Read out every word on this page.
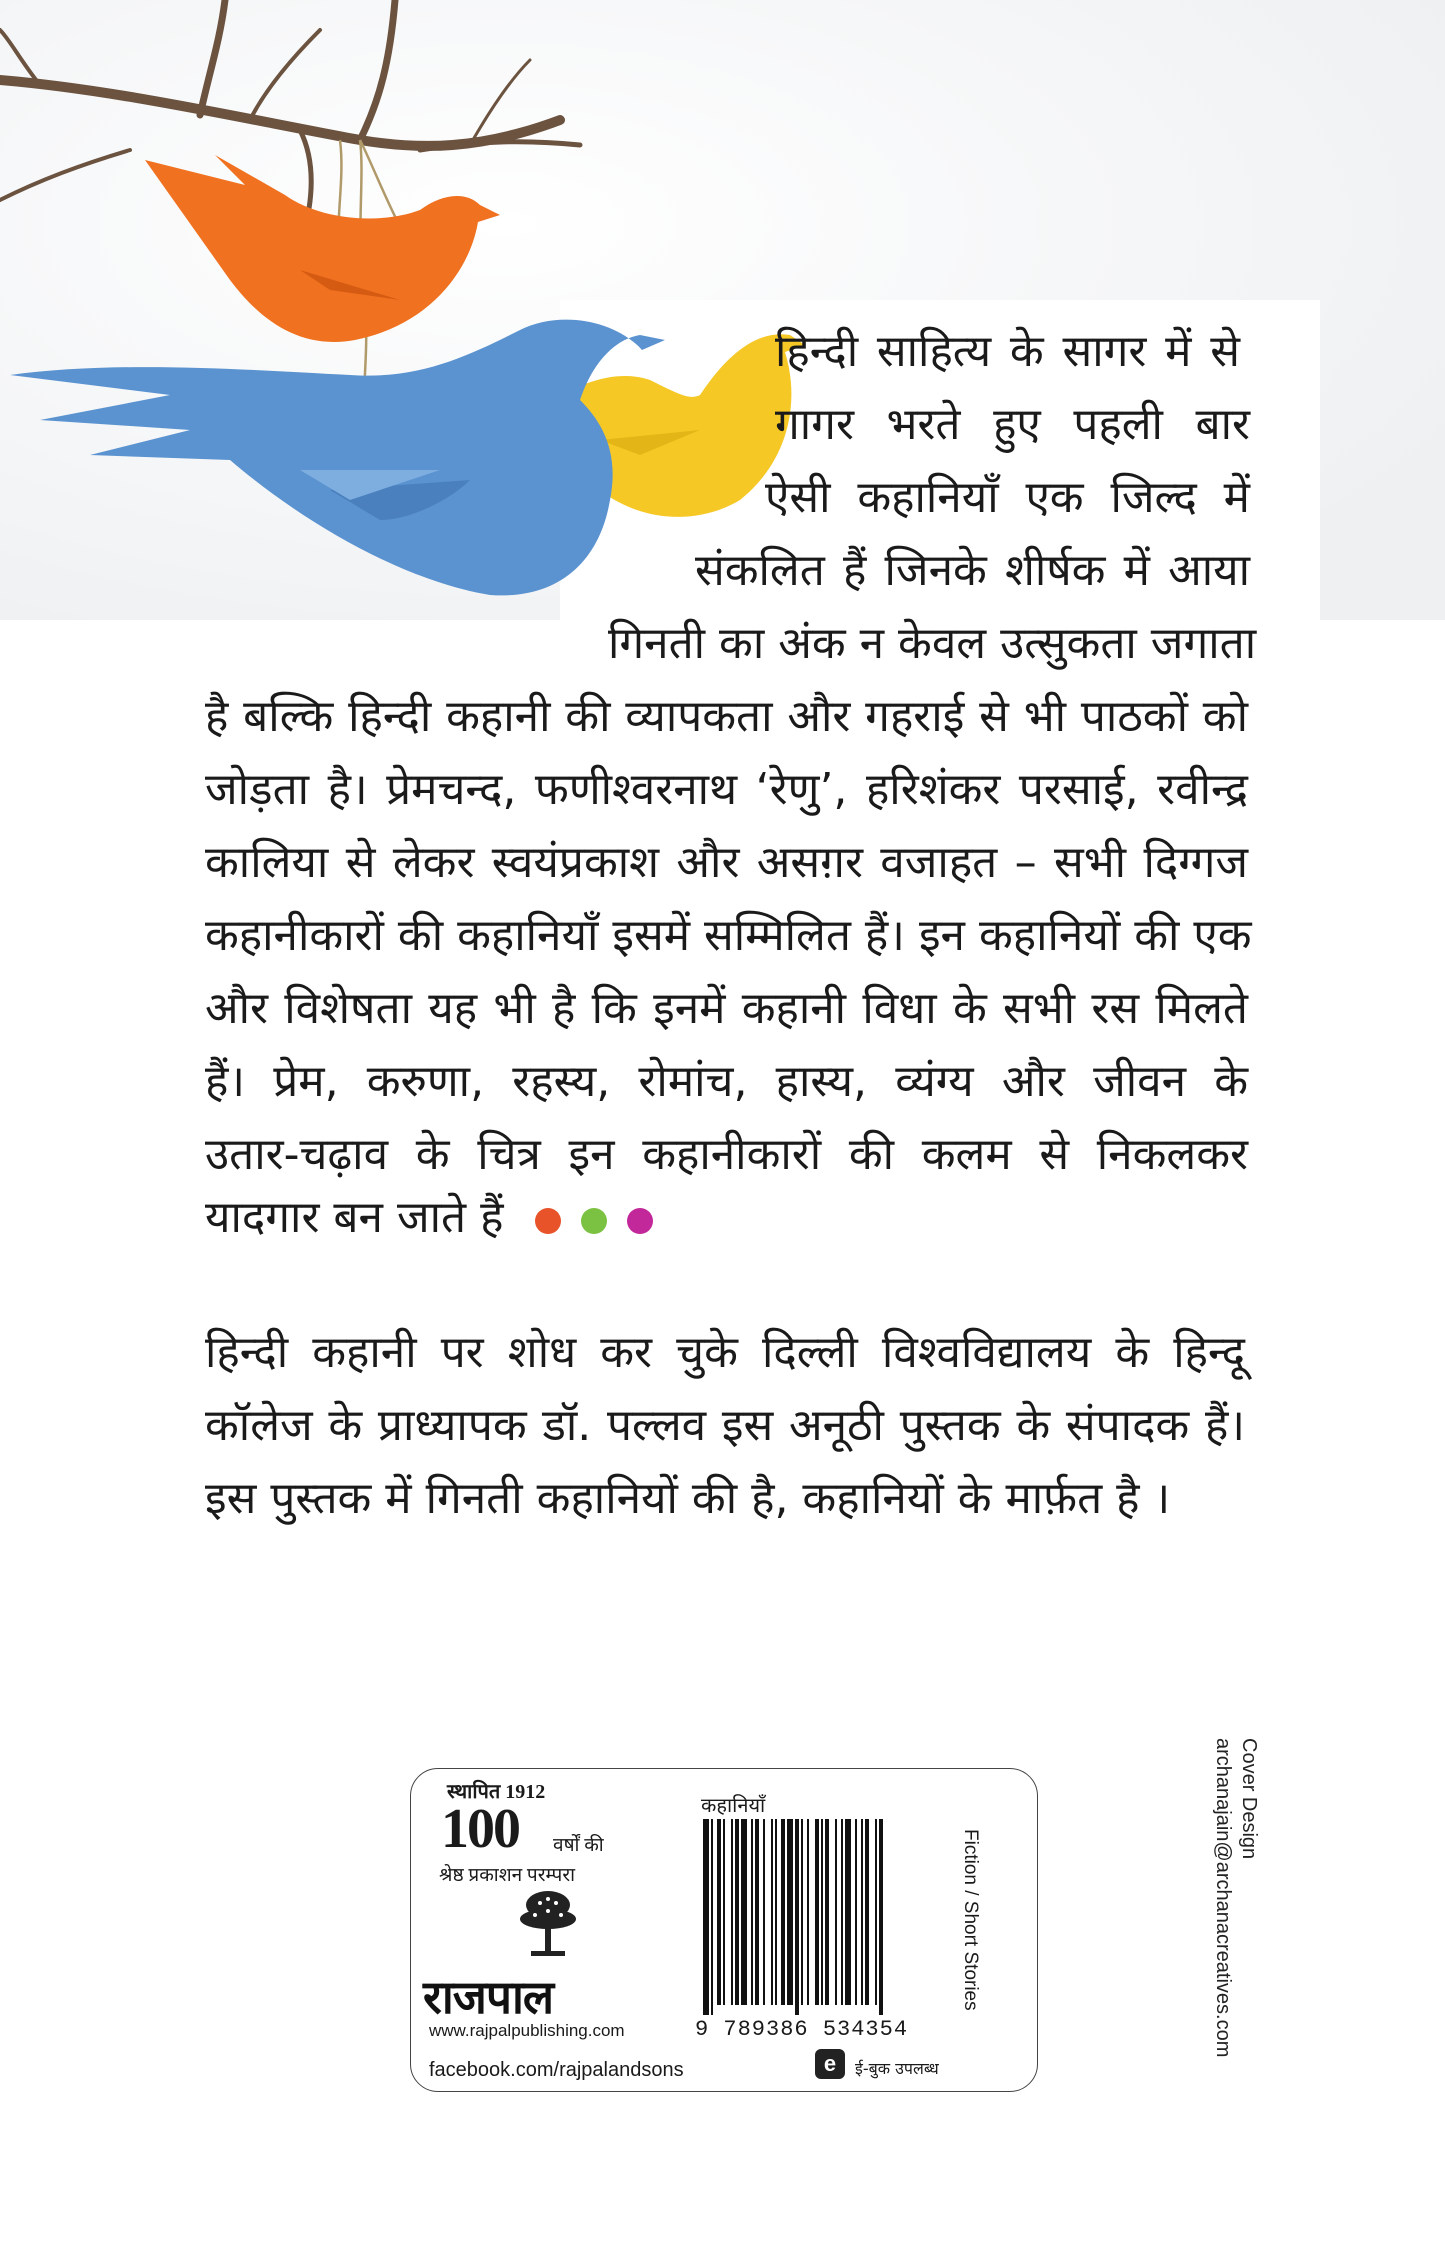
हिन्दी साहित्य के सागर में से
गागर भरते हुए पहली बार
ऐसी कहानियाँ एक जिल्द में
संकलित हैं जिनके शीर्षक में आया
गिनती का अंक न केवल उत्सुकता जगाता
है बल्कि हिन्दी कहानी की व्यापकता और गहराई से भी पाठकों को
जोड़ता है। प्रेमचन्द, फणीश्वरनाथ ‘रेणु’, हरिशंकर परसाई, रवीन्द्र
कालिया से लेकर स्वयंप्रकाश और असग़र वजाहत – सभी दिग्गज
कहानीकारों की कहानियाँ इसमें सम्मिलित हैं। इन कहानियों की एक
और विशेषता यह भी है कि इनमें कहानी विधा के सभी रस मिलते
हैं। प्रेम, करुणा, रहस्य, रोमांच, हास्य, व्यंग्य और जीवन के
उतार-चढ़ाव के चित्र इन कहानीकारों की कलम से निकलकर
यादगार बन जाते हैं
हिन्दी कहानी पर शोध कर चुके दिल्ली विश्वविद्यालय के हिन्दू
कॉलेज के प्राध्यापक डॉ. पल्लव इस अनूठी पुस्तक के संपादक हैं।
इस पुस्तक में गिनती कहानियों की है, कहानियों के मार्फ़त है ।
Cover Design
archanajain@archanacreatives.com
स्थापित 1912
100 वर्षों की
श्रेष्ठ प्रकाशन परम्परा
राजपाल
www.rajpalpublishing.com
facebook.com/rajpalandsons
कहानियाँ
9 789386 534354
Fiction / Short Stories
e	ई-बुक उपलब्ध
